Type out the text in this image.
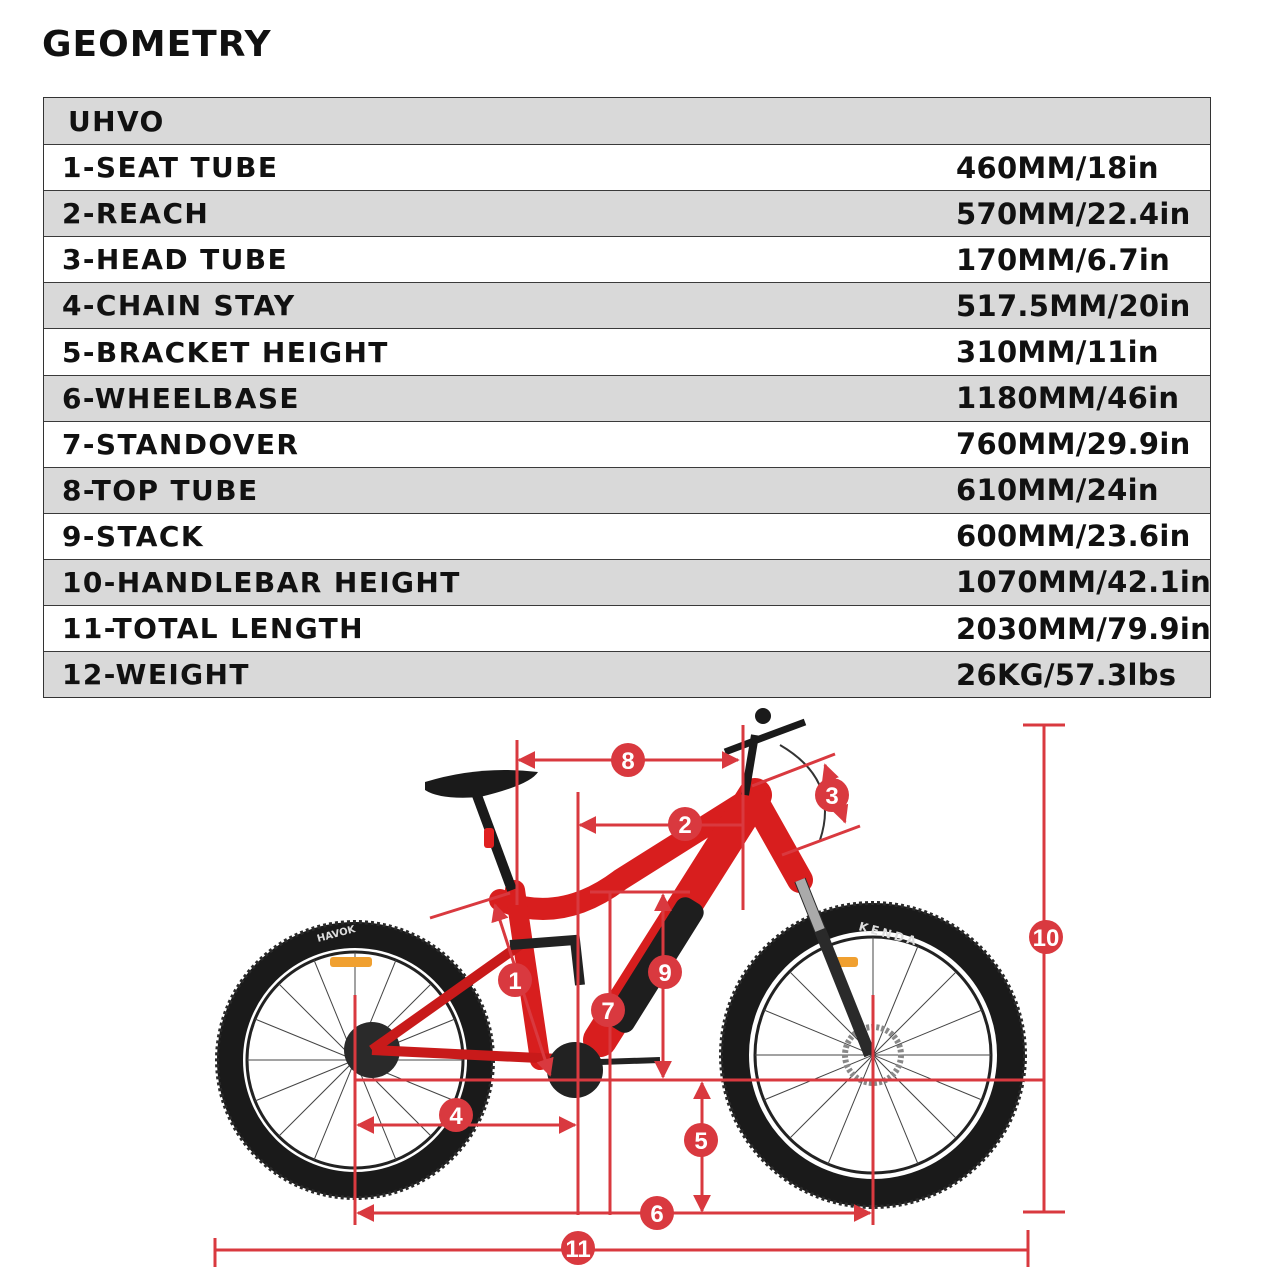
GEOMETRY
UHVO
1-SEAT TUBE	460MM/18in
2-REACH	570MM/22.4in
3-HEAD TUBE	170MM/6.7in
4-CHAIN STAY	517.5MM/20in
5-BRACKET HEIGHT	310MM/11in
6-WHEELBASE	1180MM/46in
7-STANDOVER	760MM/29.9in
8-TOP TUBE	610MM/24in
9-STACK	600MM/23.6in
10-HANDLEBAR HEIGHT	1070MM/42.1in
11-TOTAL LENGTH	2030MM/79.9in
12-WEIGHT	26KG/57.3lbs
HAVOK	KENDA
8
2
3
1
7
9
4
5
6
10
11
